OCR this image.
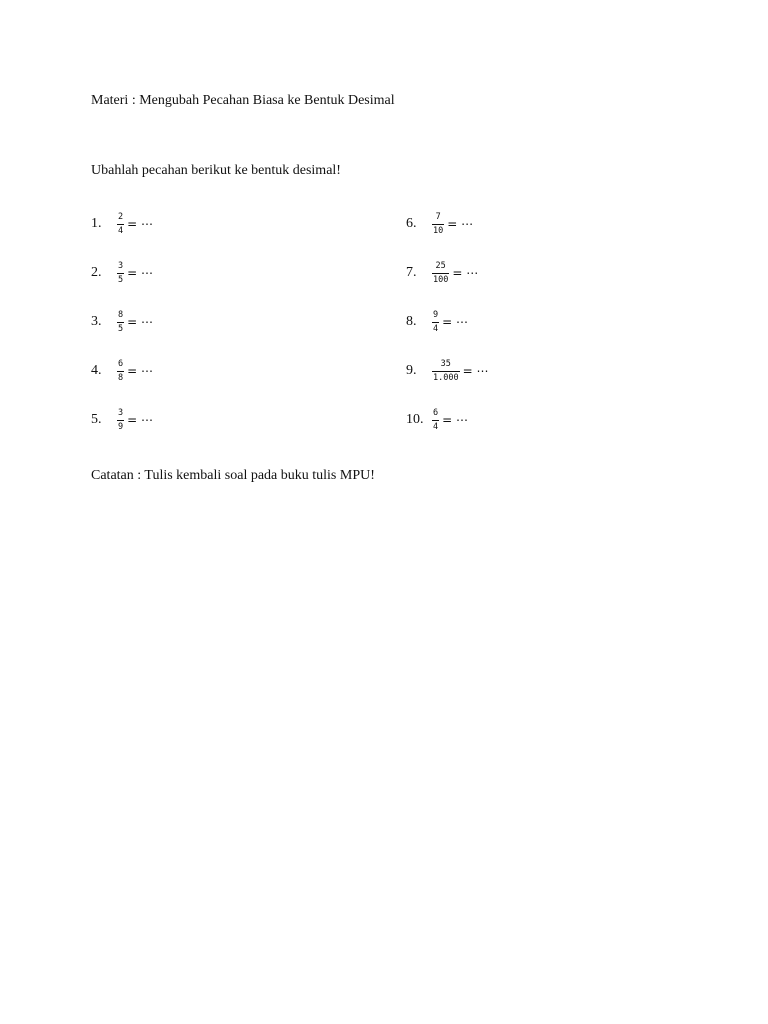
Materi : Mengubah Pecahan Biasa ke Bentuk Desimal
Ubahlah pecahan berikut ke bentuk desimal!
1.	$\frac{2}{4}$ = ⋯
2.	$\frac{3}{5}$ = ⋯
3.	$\frac{8}{5}$ = ⋯
4.	$\frac{6}{8}$ = ⋯
5.	$\frac{3}{9}$ = ⋯
6.	$\frac{7}{10}$ = ⋯
7.	$\frac{25}{100}$ = ⋯
8.	$\frac{9}{4}$ = ⋯
9.	$\frac{35}{1.000}$ = ⋯
10.	$\frac{6}{4}$ = ⋯
Catatan : Tulis kembali soal pada buku tulis MPU!
